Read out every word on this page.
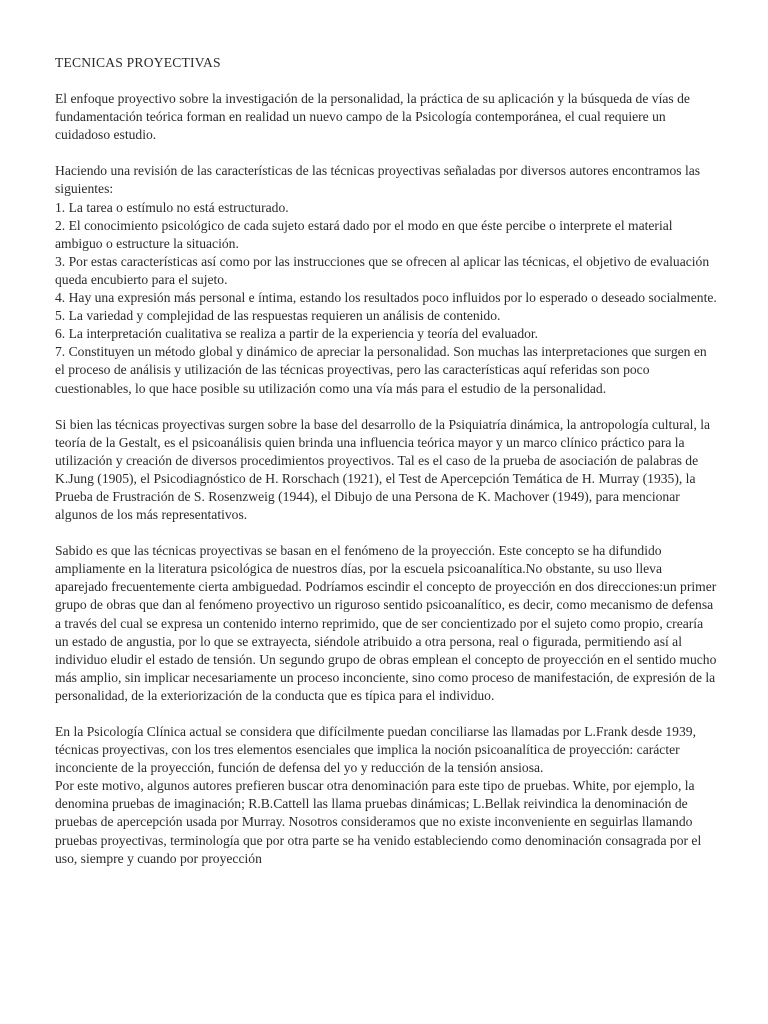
TECNICAS PROYECTIVAS

El enfoque proyectivo sobre la investigación de la personalidad, la práctica de su aplicación y la búsqueda de vías de fundamentación teórica forman en realidad un nuevo campo de la Psicología contemporánea, el cual requiere un cuidadoso estudio.

Haciendo una revisión de las características de las técnicas proyectivas señaladas por diversos autores encontramos las siguientes:

1. La tarea o estímulo no está estructurado.
2. El conocimiento psicológico de cada sujeto estará dado por el modo en que éste percibe o interprete el material ambiguo o estructure la situación.
3. Por estas características así como por las instrucciones que se ofrecen al aplicar las técnicas, el objetivo de evaluación queda encubierto para el sujeto.
4. Hay una expresión más personal e íntima, estando los resultados poco influidos por lo esperado o deseado socialmente.
5. La variedad y complejidad de las respuestas requieren un análisis de contenido.
6. La interpretación cualitativa se realiza a partir de la experiencia y teoría del evaluador.
7. Constituyen un método global y dinámico de apreciar la personalidad. Son muchas las interpretaciones que surgen en el proceso de análisis y utilización de las técnicas proyectivas, pero las características aquí referidas son poco cuestionables, lo que hace posible su utilización como una vía más para el estudio de la personalidad.

Si bien las técnicas proyectivas surgen sobre la base del desarrollo de la Psiquiatría dinámica, la antropología cultural, la teoría de la Gestalt, es el psicoanálisis quien brinda una influencia teórica mayor y un marco clínico práctico para la utilización y creación de diversos procedimientos proyectivos. Tal es el caso de la prueba de asociación de palabras de K.Jung (1905), el Psicodiagnóstico de H. Rorschach (1921), el Test de Apercepción Temática de H. Murray (1935), la Prueba de Frustración de S. Rosenzweig (1944), el Dibujo de una Persona de K. Machover (1949), para mencionar algunos de los más representativos.

Sabido es que las técnicas proyectivas se basan en el fenómeno de la proyección. Este concepto se ha difundido ampliamente en la literatura psicológica de nuestros días, por la escuela psicoanalítica.No obstante, su uso lleva aparejado frecuentemente cierta ambiguedad. Podríamos escindir el concepto de proyección en dos direcciones:un primer grupo de obras que dan al fenómeno proyectivo un riguroso sentido psicoanalítico, es decir, como mecanismo de defensa a través del cual se expresa un contenido interno reprimido, que de ser concientizado por el sujeto como propio, crearía un estado de angustia, por lo que se extrayecta, siéndole atribuido a otra persona, real o figurada, permitiendo así al individuo eludir el estado de tensión. Un segundo grupo de obras emplean el concepto de proyección en el sentido mucho más amplio, sin implicar necesariamente un proceso inconciente, sino como proceso de manifestación, de expresión de la personalidad, de la exteriorización de la conducta que es típica para el individuo.

En la Psicología Clínica actual se considera que difícilmente puedan conciliarse las llamadas por L.Frank desde 1939, técnicas proyectivas, con los tres elementos esenciales que implica la noción psicoanalítica de proyección: carácter inconciente de la proyección, función de defensa del yo y reducción de la tensión ansiosa.

Por este motivo, algunos autores prefieren buscar otra denominación para este tipo de pruebas. White, por ejemplo, la denomina pruebas de imaginación; R.B.Cattell las llama pruebas dinámicas; L.Bellak reivindica la denominación de pruebas de apercepción usada por Murray. Nosotros consideramos que no existe inconveniente en seguirlas llamando pruebas proyectivas, terminología que por otra parte se ha venido estableciendo como denominación consagrada por el uso, siempre y cuando por proyección
